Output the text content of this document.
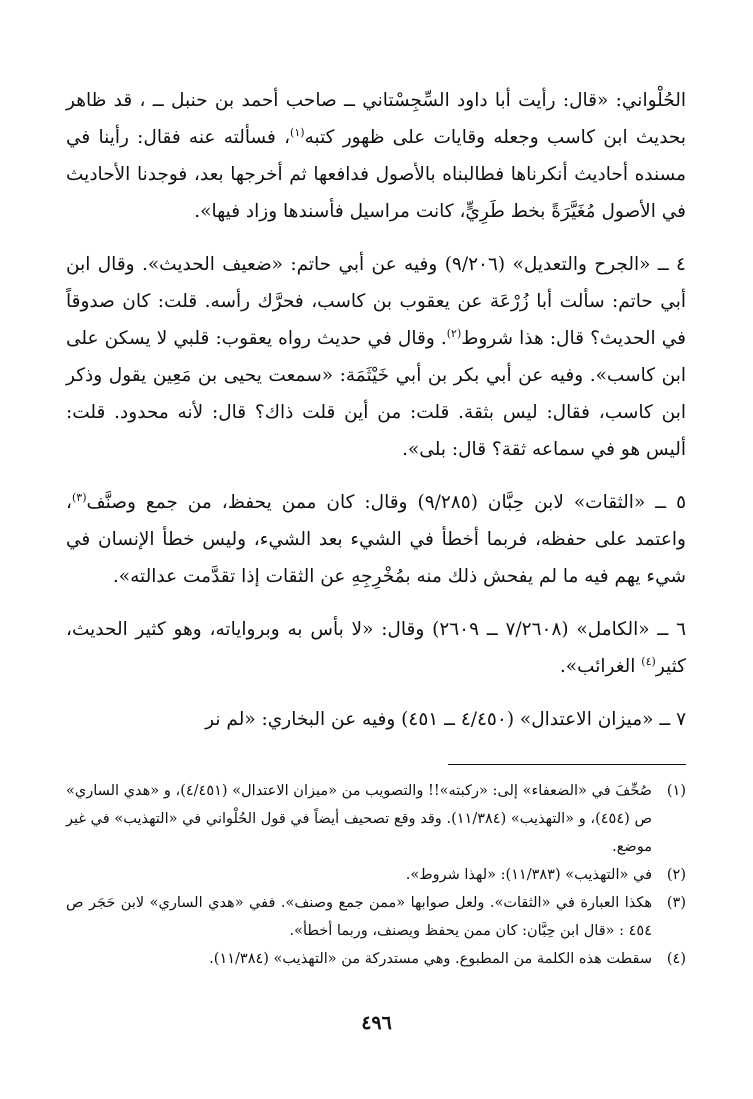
الحُلْواني: «قال: رأيت أبا داود السِّجِسْتاني ــ صاحب أحمد بن حنبل ــ ، قد ظاهر بحديث ابن كاسب وجعله وقايات على ظهور كتبه$^{(١)}$، فسألته عنه فقال: رأينا في مسنده أحاديث أنكرناها فطالبناه بالأصول فدافعها ثم أخرجها بعد، فوجدنا الأحاديث في الأصول مُغَيَّرَةً بخط طَرِيٍّ، كانت مراسيل فأسندها وزاد فيها».

٤ ــ «الجرح والتعديل» (٩/٢٠٦) وفيه عن أبي حاتم: «ضعيف الحديث». وقال ابن أبي حاتم: سألت أبا زُرْعَة عن يعقوب بن كاسب، فحرَّك رأسه. قلت: كان صدوقاً في الحديث؟ قال: هذا شروط$^{(٢)}$. وقال في حديث رواه يعقوب: قلبي لا يسكن على ابن كاسب». وفيه عن أبي بكر بن أبي خَيْثَمَة: «سمعت يحيى بن مَعِين يقول وذكر ابن كاسب، فقال: ليس بثقة. قلت: من أين قلت ذاك؟ قال: لأنه محدود. قلت: أليس هو في سماعه ثقة؟ قال: بلى».

٥ ــ «الثقات» لابن حِبَّان (٩/٢٨٥) وقال: كان ممن يحفظ، من جمع وصنَّف$^{(٣)}$، واعتمد على حفظه، فربما أخطأ في الشيء بعد الشيء، وليس خطأ الإنسان في شيء يهم فيه ما لم يفحش ذلك منه بمُخْرِجِهِ عن الثقات إذا تقدَّمت عدالته».

٦ ــ «الكامل» (٧/٢٦٠٨ ــ ٢٦٠٩) وقال: «لا بأس به وبرواياته، وهو كثير الحديث، كثير$^{(٤)}$ الغرائب».

٧ ــ «ميزان الاعتدال» (٤/٤٥٠ ــ ٤٥١) وفيه عن البخاري: «لم نر

(١)
صُحِّفَ في «الضعفاء» إلى: «ركبته»!! والتصويب من «ميزان الاعتدال» (٤/٤٥١)، و «هدي الساري» ص (٤٥٤)، و «التهذيب» (١١/٣٨٤). وقد وقع تصحيف أيضاً في قول الحُلْواني في «التهذيب» في غير موضع.
(٢)
في «التهذيب» (١١/٣٨٣): «لهذا شروط».
(٣)
هكذا العبارة في «الثقات». ولعل صوابها «ممن جمع وصنف». ففي «هدي الساري» لابن حَجَر ص ٤٥٤ : «قال ابن حِبَّان: كان ممن يحفظ ويصنف، وربما أخطأ».
(٤)
سقطت هذه الكلمة من المطبوع. وهي مستدركة من «التهذيب» (١١/٣٨٤).
٤٩٦
